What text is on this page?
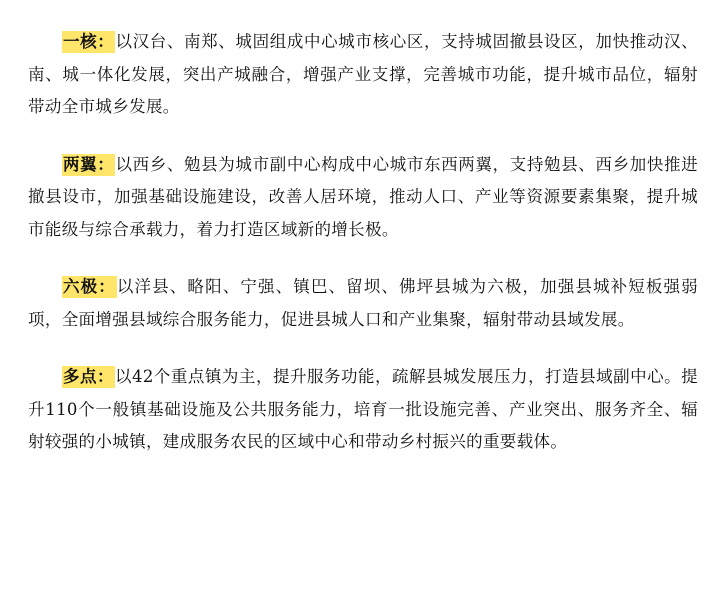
一核：以汉台、南郑、城固组成中心城市核心区，支持城固撤县设区，加快推动汉、南、城一体化发展，突出产城融合，增强产业支撑，完善城市功能，提升城市品位，辐射带动全市城乡发展。

两翼：以西乡、勉县为城市副中心构成中心城市东西两翼，支持勉县、西乡加快推进撤县设市，加强基础设施建设，改善人居环境，推动人口、产业等资源要素集聚，提升城市能级与综合承载力，着力打造区域新的增长极。

六极：以洋县、略阳、宁强、镇巴、留坝、佛坪县城为六极，加强县城补短板强弱项，全面增强县域综合服务能力，促进县城人口和产业集聚，辐射带动县域发展。

多点：以42个重点镇为主，提升服务功能，疏解县城发展压力，打造县域副中心。提升110个一般镇基础设施及公共服务能力，培育一批设施完善、产业突出、服务齐全、辐射较强的小城镇，建成服务农民的区域中心和带动乡村振兴的重要载体。
